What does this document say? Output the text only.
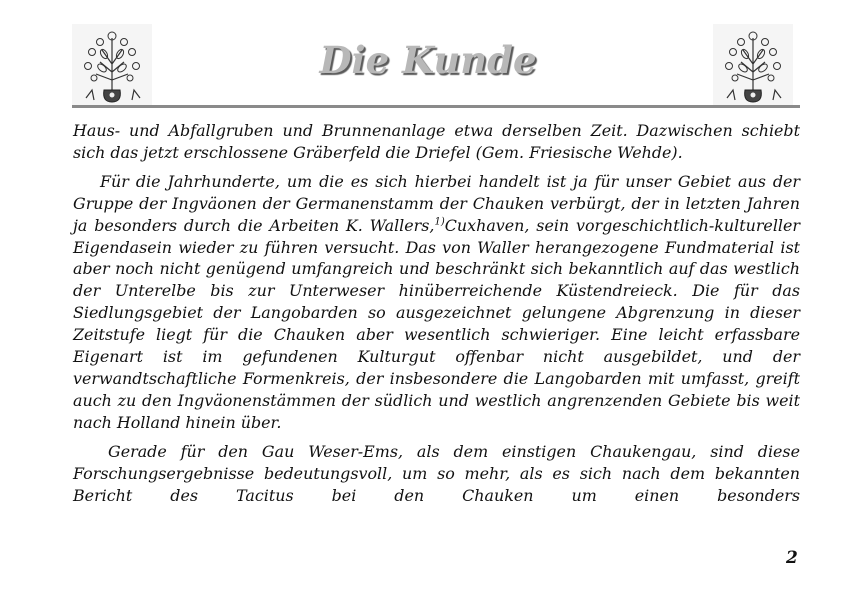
Die Kunde

Haus- und Abfallgruben und Brunnenanlage etwa derselben Zeit. Dazwischen schiebt sich das jetzt erschlossene Gräberfeld die Driefel (Gem. Friesische Wehde).

Für die Jahrhunderte, um die es sich hierbei handelt ist ja für unser Gebiet aus der Gruppe der Ingväonen der Germanenstamm der Chauken verbürgt, der in letzten Jahren ja besonders durch die Arbeiten K. Wallers,$^{1)}$Cuxhaven, sein vorgeschichtlich-kultureller Eigendasein wieder zu führen versucht. Das von Waller herangezogene Fundmaterial ist aber noch nicht genügend umfangreich und beschränkt sich bekanntlich auf das westlich der Unterelbe bis zur Unterweser hinüberreichende Küstendreieck. Die für das Siedlungsgebiet der Langobarden so ausgezeichnet gelungene Abgrenzung in dieser Zeitstufe liegt für die Chauken aber wesentlich schwieriger. Eine leicht erfassbare Eigenart ist im gefundenen Kulturgut offenbar nicht ausgebildet, und der verwandtschaftliche Formenkreis, der insbesondere die Langobarden mit umfasst, greift auch zu den Ingväonenstämmen der südlich und westlich angrenzenden Gebiete bis weit nach Holland hinein über.

Gerade für den Gau Weser-Ems, als dem einstigen Chaukengau, sind diese Forschungsergebnisse bedeutungsvoll, um so mehr, als es sich nach dem bekannten Bericht des Tacitus bei den Chauken um einen besonders

2
